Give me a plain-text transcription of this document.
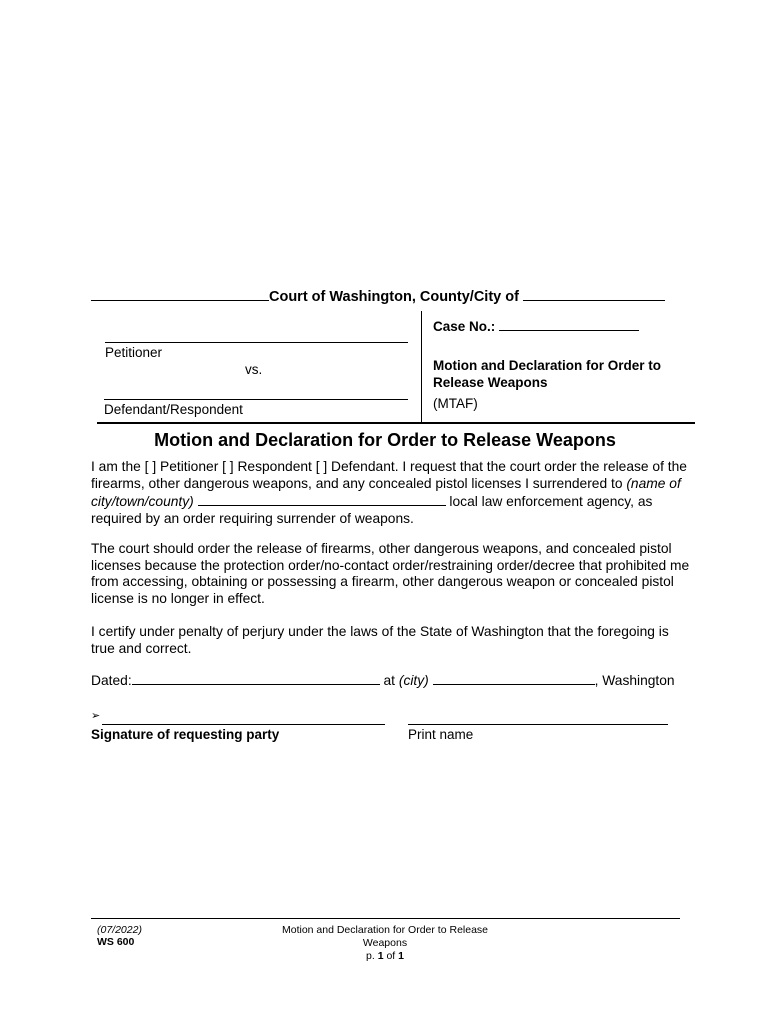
Court of Washington, County/City of
Case No.:
Petitioner
vs.
Defendant/Respondent
Motion and Declaration for Order to Release Weapons
(MTAF)
Motion and Declaration for Order to Release Weapons
I am the [ ] Petitioner [ ] Respondent [ ] Defendant. I request that the court order the release of the firearms, other dangerous weapons, and any concealed pistol licenses I surrendered to (name of city/town/county)	local law enforcement agency, as required by an order requiring surrender of weapons.
The court should order the release of firearms, other dangerous weapons, and concealed pistol licenses because the protection order/no-contact order/restraining order/decree that prohibited me from accessing, obtaining or possessing a firearm, other dangerous weapon or concealed pistol license is no longer in effect.
I certify under penalty of perjury under the laws of the State of Washington that the foregoing is true and correct.
Dated:	at (city)	, Washington
➢
Signature of requesting party	Print name
(07/2022)
WS 600
Motion and Declaration for Order to Release Weapons
p. 1 of 1
